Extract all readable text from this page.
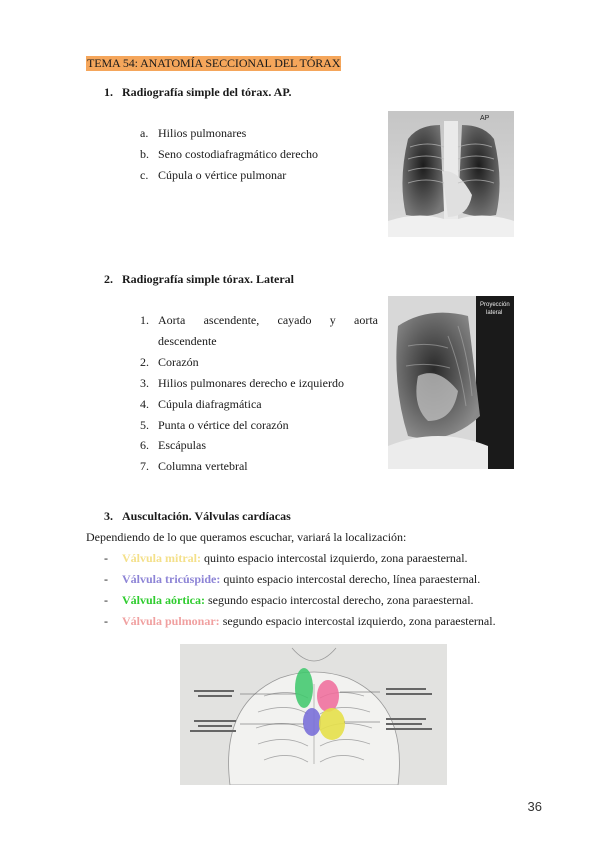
TEMA 54: ANATOMÍA SECCIONAL DEL TÓRAX
1.   Radiografía simple del tórax. AP.
a. Hilios pulmonares
b. Seno costodiafragmático derecho
c. Cúpula o vértice pulmonar
AP
2.   Radiografía simple tórax. Lateral
1. Aorta ascendente, cayado y aorta descendente
2. Corazón
3. Hilios pulmonares derecho e izquierdo
4. Cúpula diafragmática
5. Punta o vértice del corazón
6. Escápulas
7. Columna vertebral
Proyección
lateral
3.   Auscultación. Válvulas cardíacas
Dependiendo de lo que queramos escuchar, variará la localización:
- Válvula mitral: quinto espacio intercostal izquierdo, zona paraesternal.
- Válvula tricúspide: quinto espacio intercostal derecho, línea paraesternal.
- Válvula aórtica: segundo espacio intercostal derecho, zona paraesternal.
- Válvula pulmonar: segundo espacio intercostal izquierdo, zona paraesternal.
36
